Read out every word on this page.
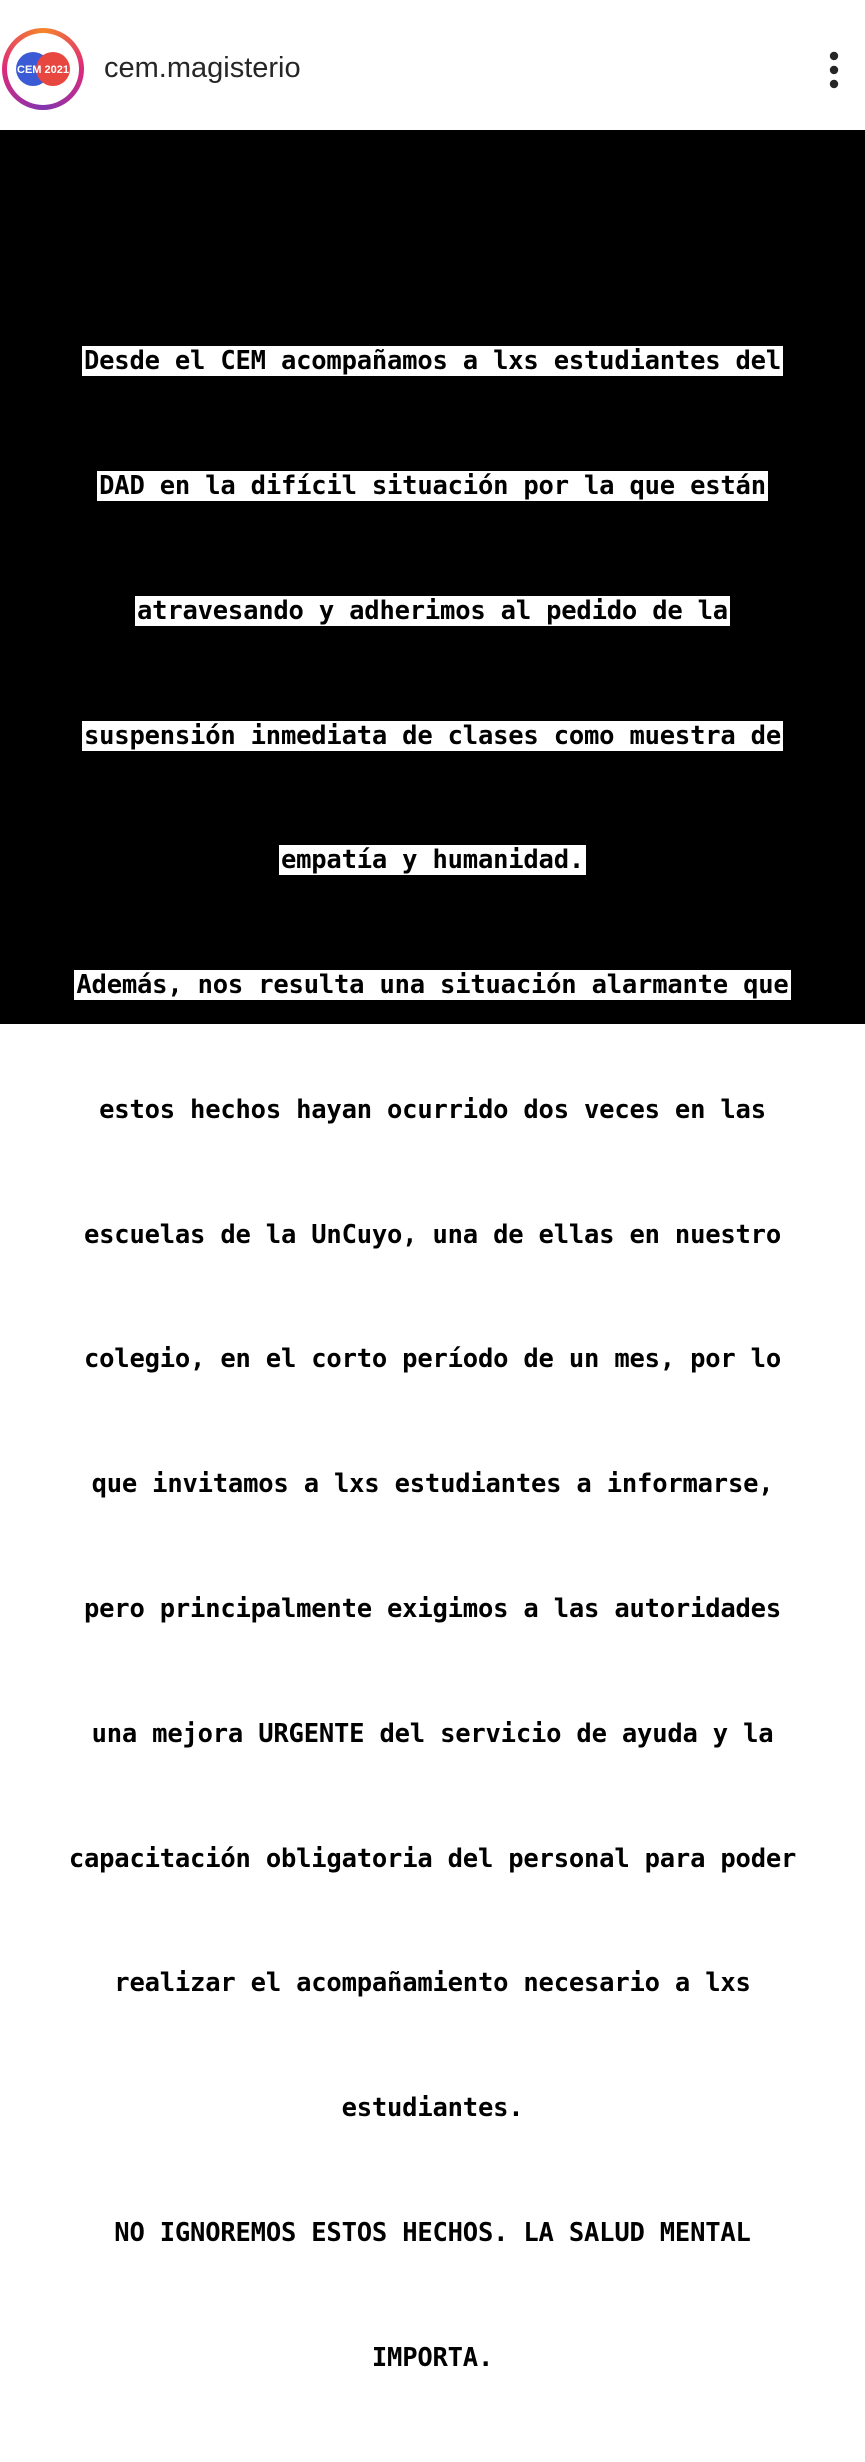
CEM 2021 cem.magisterio

Desde el CEM acompañamos a lxs estudiantes del

DAD en la difícil situación por la que están

atravesando y adherimos al pedido de la

suspensión inmediata de clases como muestra de

empatía y humanidad.

Además, nos resulta una situación alarmante que

estos hechos hayan ocurrido dos veces en las

escuelas de la UnCuyo, una de ellas en nuestro

colegio, en el corto período de un mes, por lo

que invitamos a lxs estudiantes a informarse,

pero principalmente exigimos a las autoridades

una mejora URGENTE del servicio de ayuda y la

capacitación obligatoria del personal para poder

realizar el acompañamiento necesario a lxs

estudiantes.

NO IGNOREMOS ESTOS HECHOS. LA SALUD MENTAL

IMPORTA.
